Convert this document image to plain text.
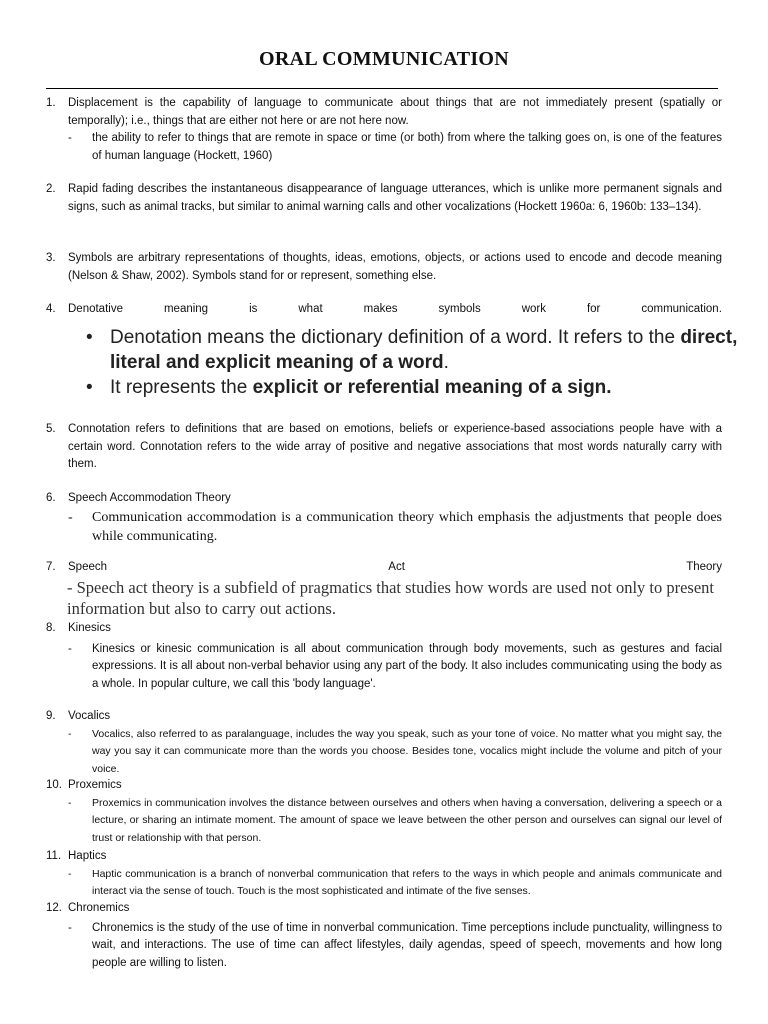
ORAL COMMUNICATION
1.	Displacement is the capability of language to communicate about things that are not immediately present (spatially or temporally); i.e., things that are either not here or are not here now.
-	the ability to refer to things that are remote in space or time (or both) from where the talking goes on, is one of the features of human language (Hockett, 1960)
2.	Rapid fading describes the instantaneous disappearance of language utterances, which is unlike more permanent signals and signs, such as animal tracks, but similar to animal warning calls and other vocalizations (Hockett 1960a: 6, 1960b: 133–134).
3.	Symbols are arbitrary representations of thoughts, ideas, emotions, objects, or actions used to encode and decode meaning (Nelson & Shaw, 2002). Symbols stand for or represent, something else.
4.	Denotative	meaning	is	what	makes	symbols	work	for	communication.
• Denotation means the dictionary definition of a word. It refers to the direct, literal and explicit meaning of a word.
• It represents the explicit or referential meaning of a sign.
5.	Connotation refers to definitions that are based on emotions, beliefs or experience-based associations people have with a certain word. Connotation refers to the wide array of positive and negative associations that most words naturally carry with them.
6.	Speech Accommodation Theory
-	Communication accommodation is a communication theory which emphasis the adjustments that people does while communicating.
7.	Speech	Act	Theory
- Speech act theory is a subfield of pragmatics that studies how words are used not only to present information but also to carry out actions.
8.	Kinesics
-	Kinesics or kinesic communication is all about communication through body movements, such as gestures and facial expressions. It is all about non-verbal behavior using any part of the body. It also includes communicating using the body as a whole. In popular culture, we call this 'body language'.
9.	Vocalics
-	Vocalics, also referred to as paralanguage, includes the way you speak, such as your tone of voice. No matter what you might say, the way you say it can communicate more than the words you choose. Besides tone, vocalics might include the volume and pitch of your voice.
10. Proxemics
-	Proxemics in communication involves the distance between ourselves and others when having a conversation, delivering a speech or a lecture, or sharing an intimate moment. The amount of space we leave between the other person and ourselves can signal our level of trust or relationship with that person.
11. Haptics
-	Haptic communication is a branch of nonverbal communication that refers to the ways in which people and animals communicate and interact via the sense of touch. Touch is the most sophisticated and intimate of the five senses.
12. Chronemics
-	Chronemics is the study of the use of time in nonverbal communication. Time perceptions include punctuality, willingness to wait, and interactions. The use of time can affect lifestyles, daily agendas, speed of speech, movements and how long people are willing to listen.
